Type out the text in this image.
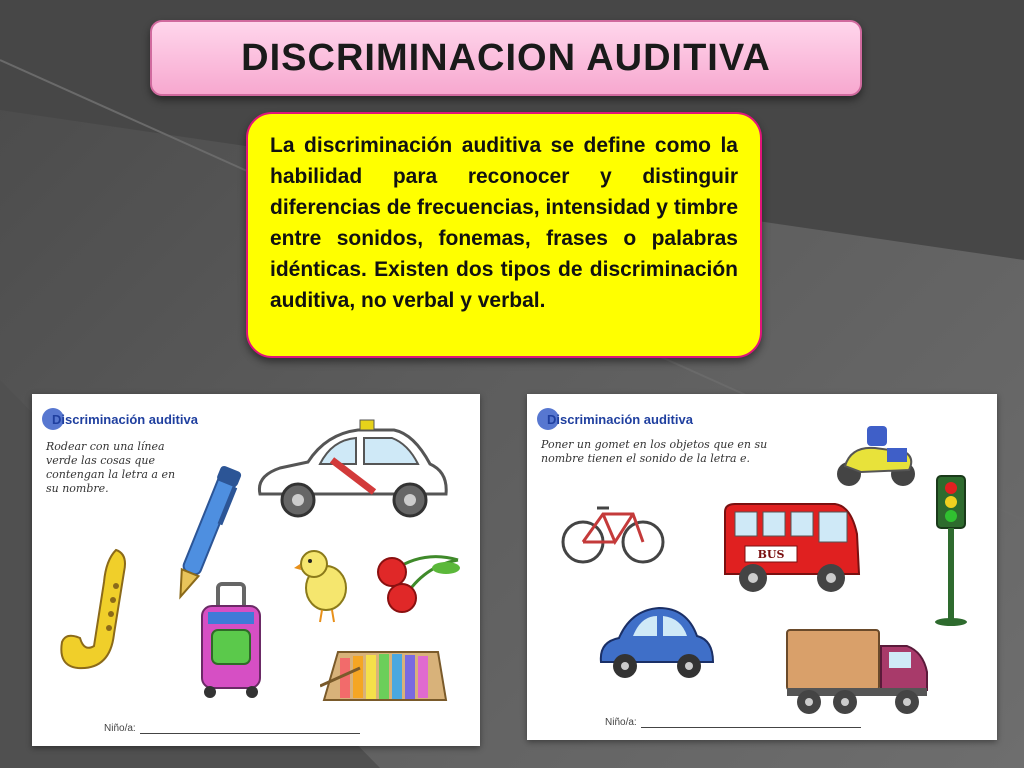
DISCRIMINACION AUDITIVA
La discriminación auditiva se define como la habilidad para reconocer y distinguir diferencias de frecuencias, intensidad y timbre entre sonidos, fonemas, frases o palabras idénticas. Existen dos tipos de discriminación auditiva, no verbal y verbal.
Discriminación auditiva
Rodear con una línea verde las cosas que contengan la letra a en su nombre.
Niño/a:
Discriminación auditiva
Poner un gomet en los objetos que en su nombre tienen el sonido de la letra e.
BUS
Niño/a:
